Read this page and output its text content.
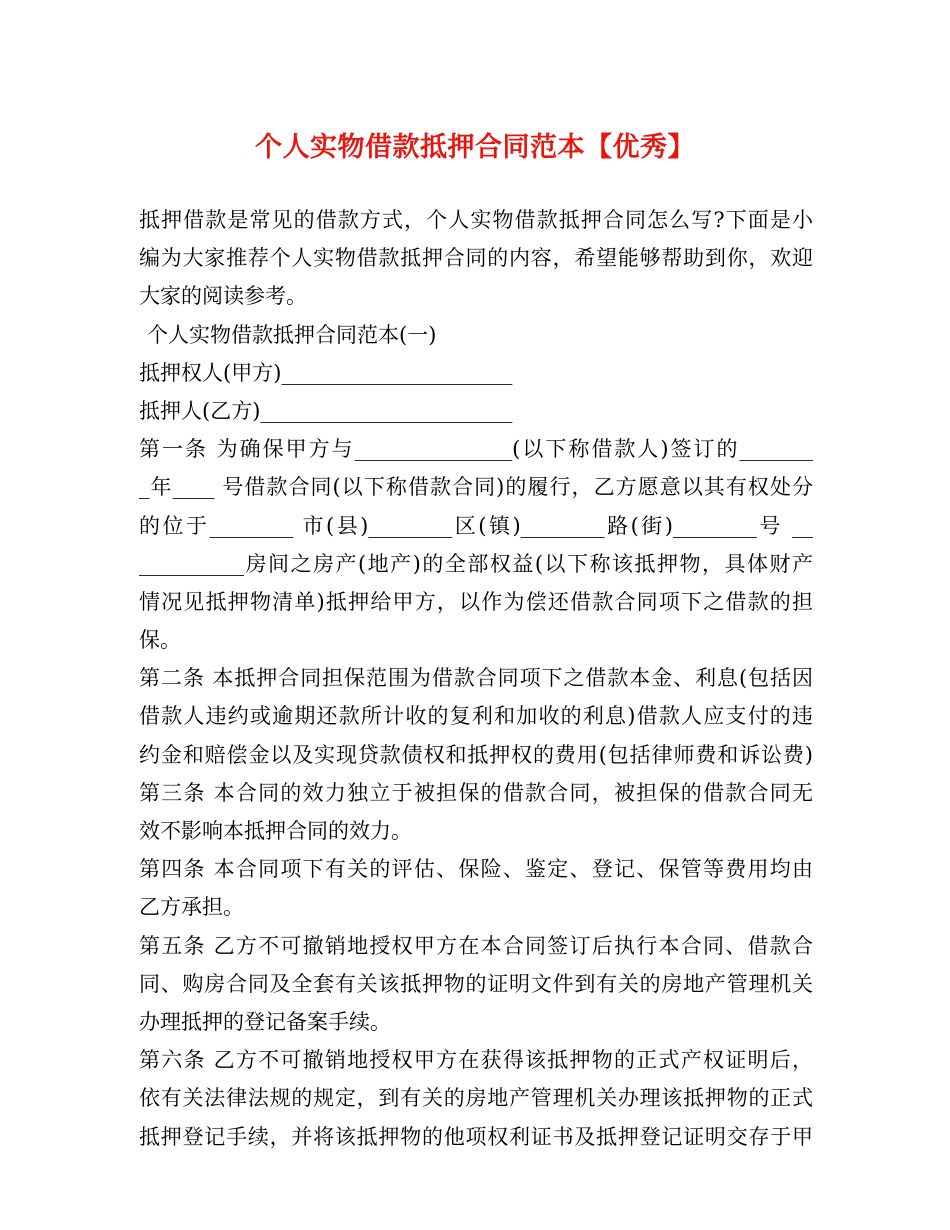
个人实物借款抵押合同范本【优秀】
抵押借款是常见的借款方式，个人实物借款抵押合同怎么写?下面是小
编为大家推荐个人实物借款抵押合同的内容，希望能够帮助到你，欢迎
大家的阅读参考。
个人实物借款抵押合同范本(一)
抵押权人(甲方)______________________
抵押人(乙方)________________________
第一条 为确保甲方与_______________(以下称借款人)签订的_______
_年____ 号借款合同(以下称借款合同)的履行，乙方愿意以其有权处分
的位于________ 市(县)________区(镇)________路(街)________号 __
__________房间之房产(地产)的全部权益(以下称该抵押物，具体财产
情况见抵押物清单)抵押给甲方，以作为偿还借款合同项下之借款的担
保。
第二条 本抵押合同担保范围为借款合同项下之借款本金、利息(包括因
借款人违约或逾期还款所计收的复利和加收的利息)借款人应支付的违
约金和赔偿金以及实现贷款债权和抵押权的费用(包括律师费和诉讼费)
第三条 本合同的效力独立于被担保的借款合同，被担保的借款合同无
效不影响本抵押合同的效力。
第四条 本合同项下有关的评估、保险、鉴定、登记、保管等费用均由
乙方承担。
第五条 乙方不可撤销地授权甲方在本合同签订后执行本合同、借款合
同、购房合同及全套有关该抵押物的证明文件到有关的房地产管理机关
办理抵押的登记备案手续。
第六条 乙方不可撤销地授权甲方在获得该抵押物的正式产权证明后，
依有关法律法规的规定，到有关的房地产管理机关办理该抵押物的正式
抵押登记手续，并将该抵押物的他项权利证书及抵押登记证明交存于甲
